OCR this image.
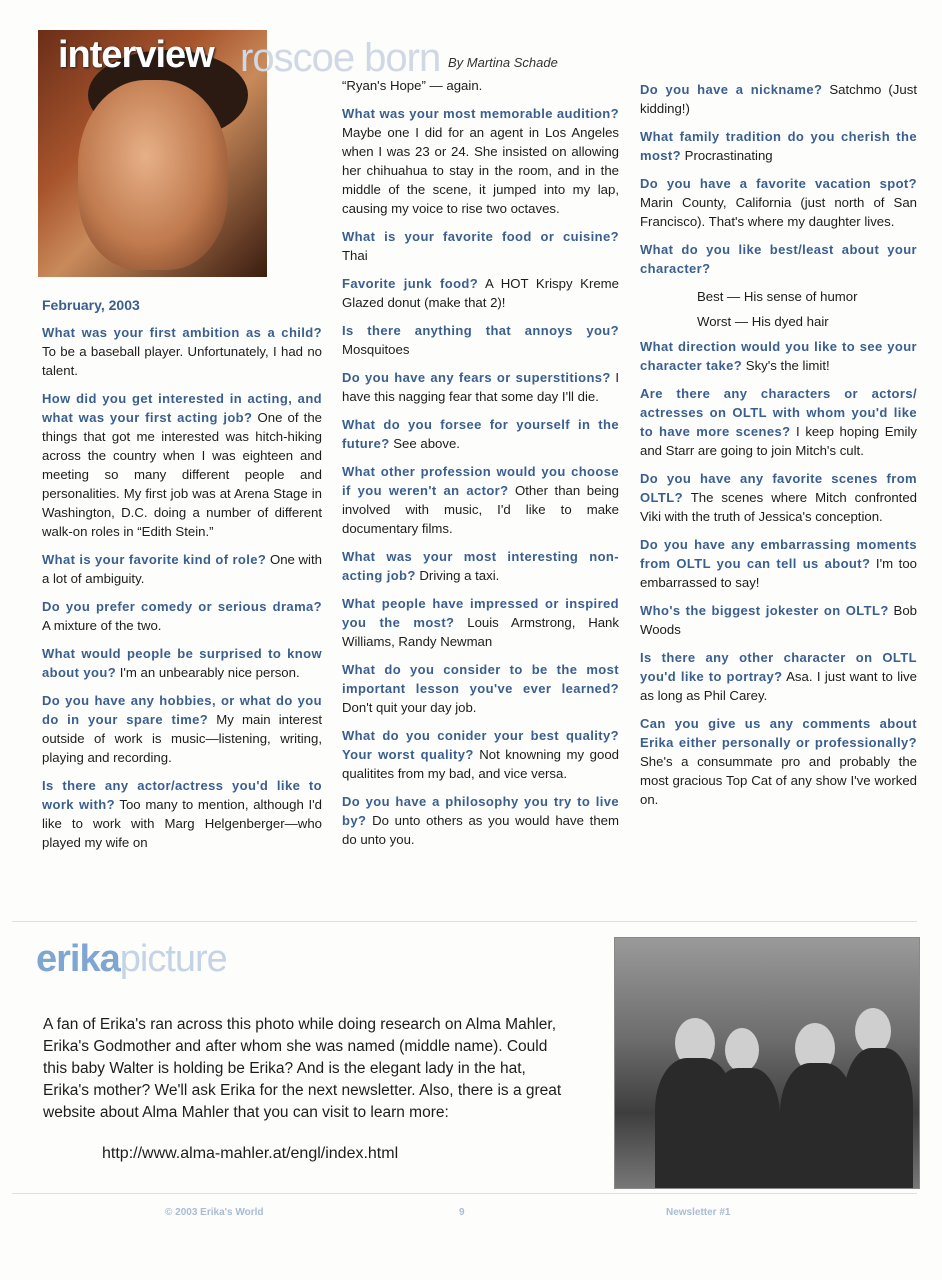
interview roscoe born By Martina Schade
February, 2003
What was your first ambition as a child? To be a baseball player. Unfortunately, I had no talent.
How did you get interested in acting, and what was your first acting job? One of the things that got me interested was hitch-hiking across the country when I was eighteen and meeting so many different people and personalities. My first job was at Arena Stage in Washington, D.C. doing a number of different walk-on roles in “Edith Stein.”
What is your favorite kind of role? One with a lot of ambiguity.
Do you prefer comedy or serious drama? A mixture of the two.
What would people be surprised to know about you? I'm an unbearably nice person.
Do you have any hobbies, or what do you do in your spare time? My main interest outside of work is music—listening, writing, playing and recording.
Is there any actor/actress you'd like to work with? Too many to mention, although I'd like to work with Marg Helgenberger—who played my wife on
“Ryan's Hope” — again.
What was your most memorable audition? Maybe one I did for an agent in Los Angeles when I was 23 or 24. She insisted on allowing her chihuahua to stay in the room, and in the middle of the scene, it jumped into my lap, causing my voice to rise two octaves.
What is your favorite food or cuisine? Thai
Favorite junk food? A HOT Krispy Kreme Glazed donut (make that 2)!
Is there anything that annoys you? Mosquitoes
Do you have any fears or superstitions? I have this nagging fear that some day I'll die.
What do you forsee for yourself in the future? See above.
What other profession would you choose if you weren't an actor? Other than being involved with music, I'd like to make documentary films.
What was your most interesting non-acting job? Driving a taxi.
What people have impressed or inspired you the most? Louis Armstrong, Hank Williams, Randy Newman
What do you consider to be the most important lesson you've ever learned? Don't quit your day job.
What do you conider your best quality? Your worst quality? Not knowning my good qualitites from my bad, and vice versa.
Do you have a philosophy you try to live by? Do unto others as you would have them do unto you.
Do you have a nickname? Satchmo (Just kidding!)
What family tradition do you cherish the most? Procrastinating
Do you have a favorite vacation spot? Marin County, California (just north of San Francisco). That's where my daughter lives.
What do you like best/least about your character?
Best — His sense of humor
Worst — His dyed hair
What direction would you like to see your character take? Sky's the limit!
Are there any characters or actors/ actresses on OLTL with whom you'd like to have more scenes? I keep hoping Emily and Starr are going to join Mitch's cult.
Do you have any favorite scenes from OLTL? The scenes where Mitch confronted Viki with the truth of Jessica's conception.
Do you have any embarrassing moments from OLTL you can tell us about? I'm too embarrassed to say!
Who's the biggest jokester on OLTL? Bob Woods
Is there any other character on OLTL you'd like to portray? Asa. I just want to live as long as Phil Carey.
Can you give us any comments about Erika either personally or professionally? She's a consummate pro and probably the most gracious Top Cat of any show I've worked on.
erikapicture
A fan of Erika's ran across this photo while doing research on Alma Mahler, Erika's Godmother and after whom she was named (middle name). Could this baby Walter is holding be Erika? And is the elegant lady in the hat, Erika's mother? We'll ask Erika for the next newsletter. Also, there is a great website about Alma Mahler that you can visit to learn more:
http://www.alma-mahler.at/engl/index.html
© 2003 Erika's World	9	Newsletter #1
